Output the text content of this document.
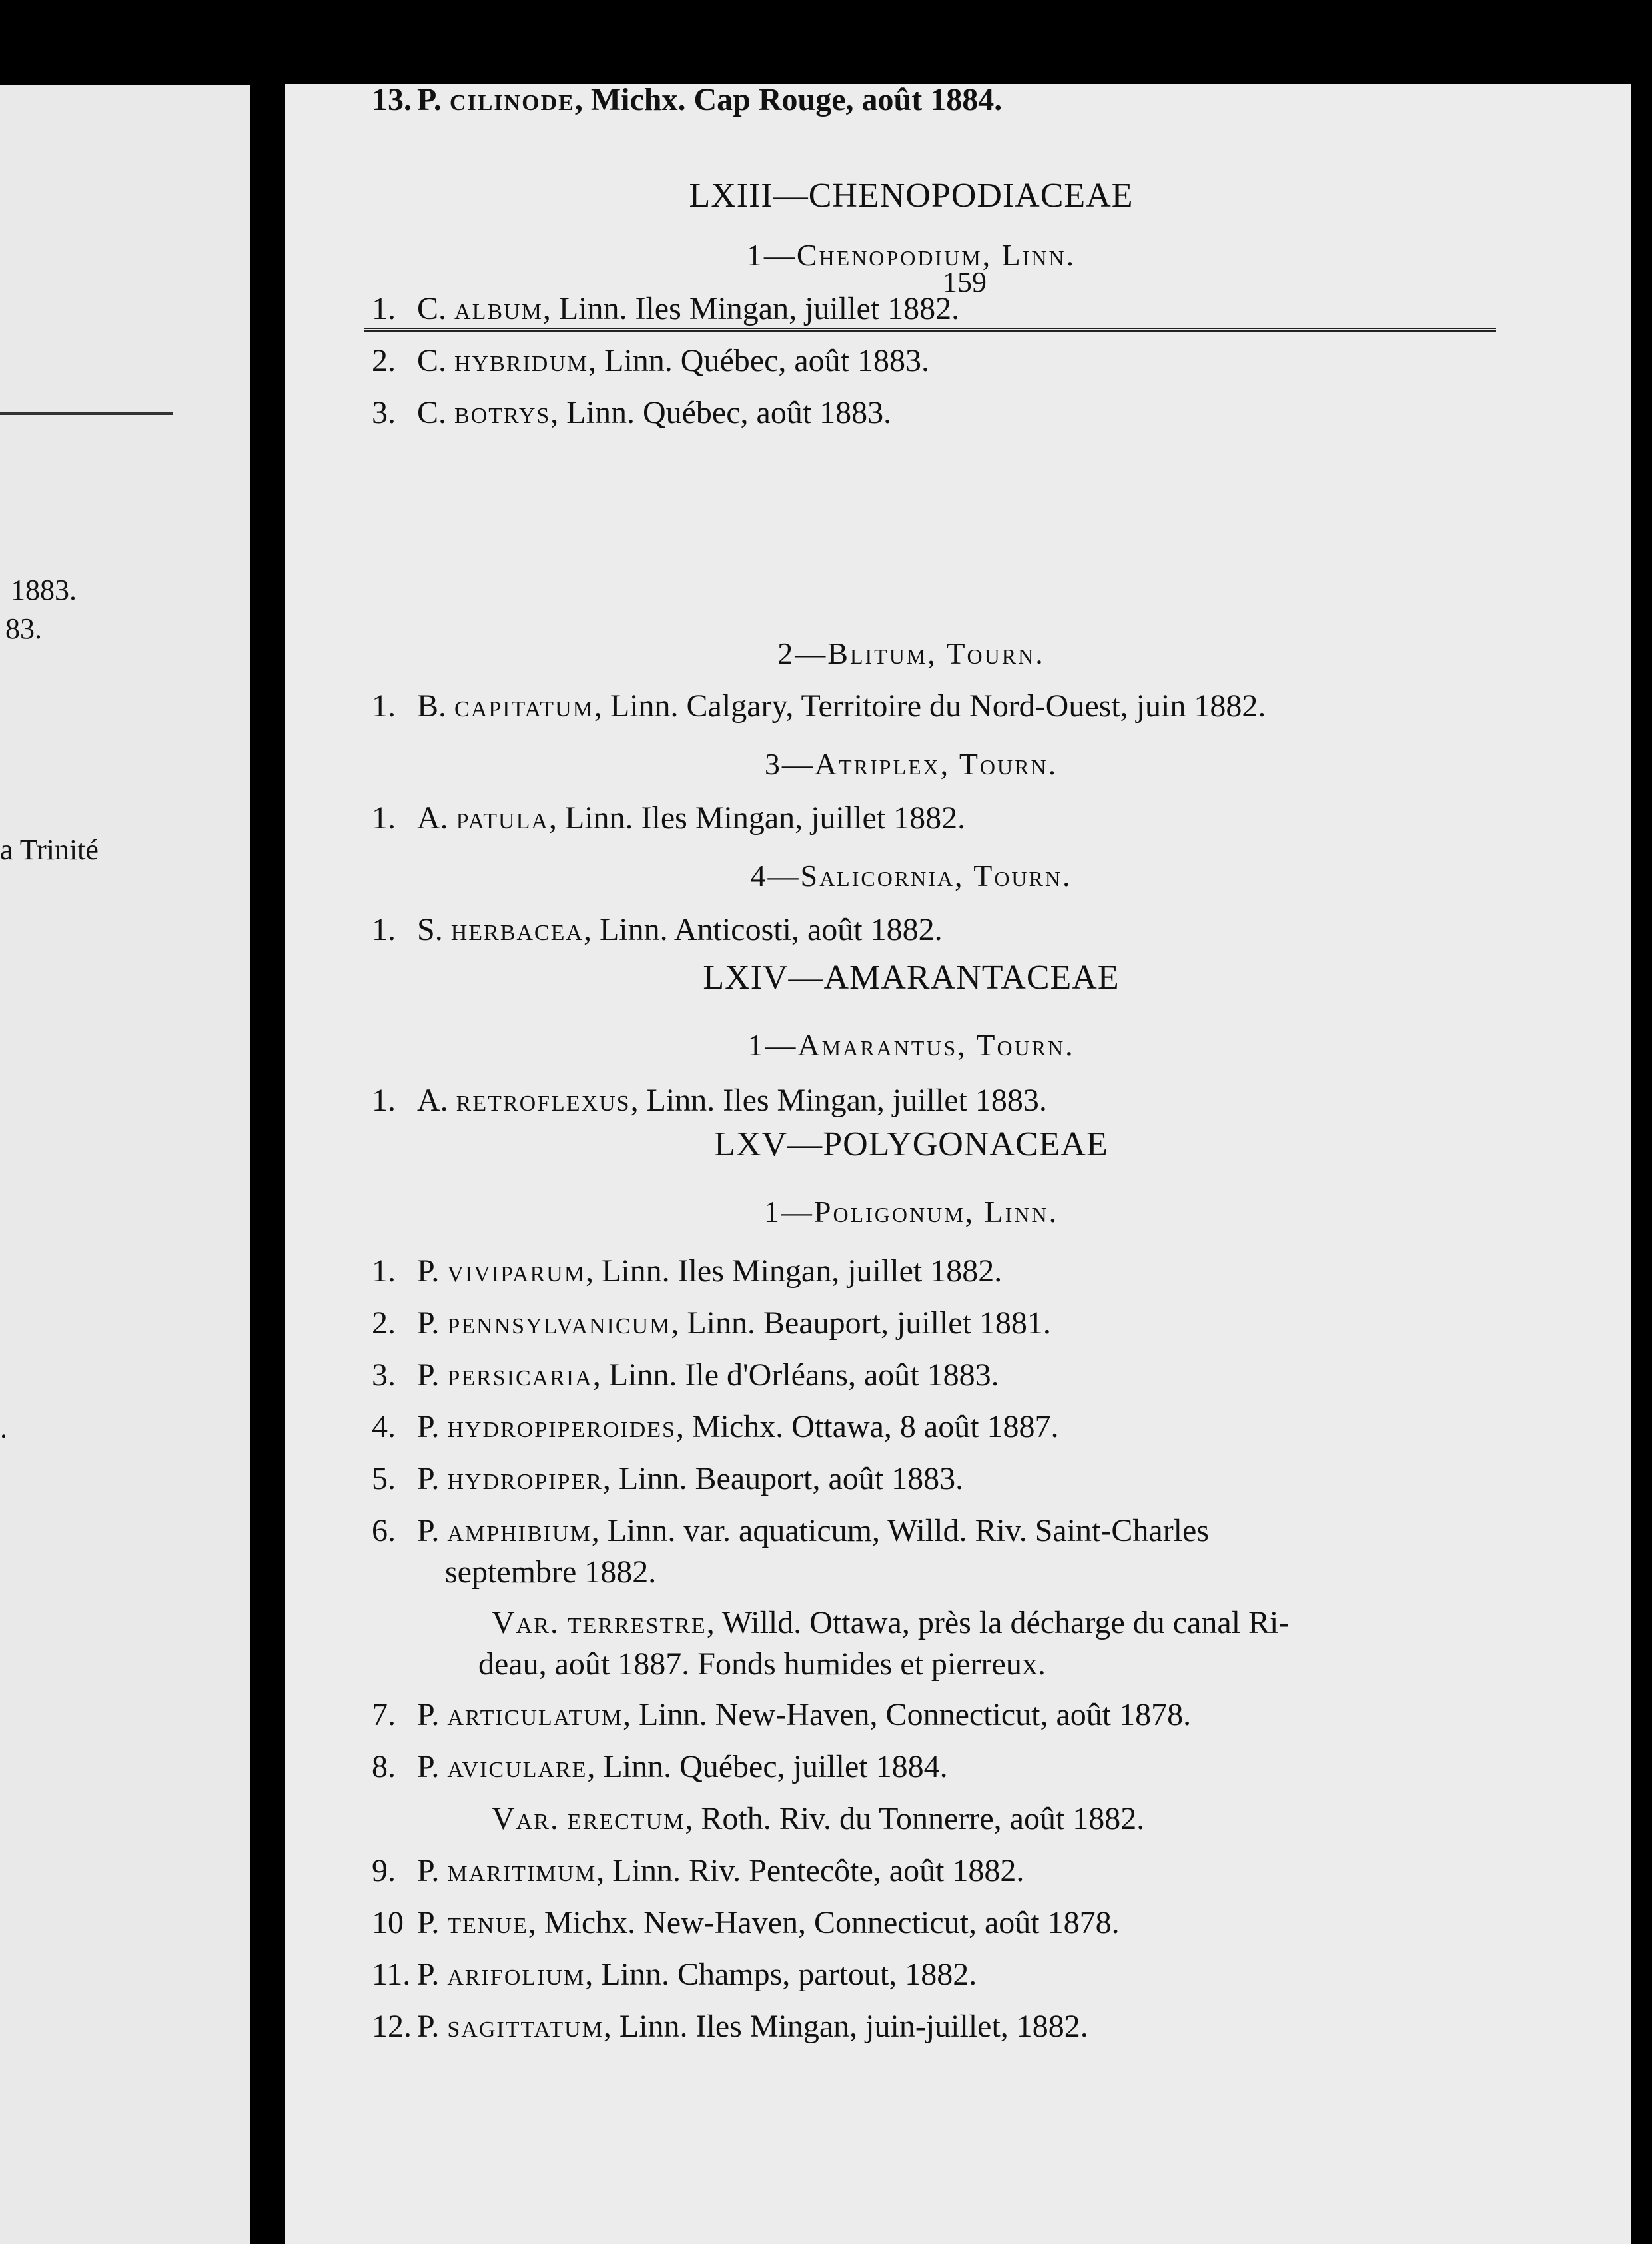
1883.
83.
a Trinité
.
159
LXIII—CHENOPODIACEAE
1—Chenopodium, Linn.
1. C. album, Linn. Iles Mingan, juillet 1882.
2. C. hybridum, Linn. Québec, août 1883.
3. C. botrys, Linn. Québec, août 1883.
2—Blitum, Tourn.
1. B. capitatum, Linn. Calgary, Territoire du Nord-Ouest, juin 1882.
3—Atriplex, Tourn.
1. A. patula, Linn. Iles Mingan, juillet 1882.
4—Salicornia, Tourn.
1. S. herbacea, Linn. Anticosti, août 1882.
LXIV—AMARANTACEAE
1—Amarantus, Tourn.
1. A. retroflexus, Linn. Iles Mingan, juillet 1883.
LXV—POLYGONACEAE
1—Poligonum, Linn.
1. P. viviparum, Linn. Iles Mingan, juillet 1882.
2. P. pennsylvanicum, Linn. Beauport, juillet 1881.
3. P. persicaria, Linn. Ile d'Orléans, août 1883.
4. P. hydropiperoides, Michx. Ottawa, 8 août 1887.
5. P. hydropiper, Linn. Beauport, août 1883.
6. P. amphibium, Linn. var. aquaticum, Willd. Riv. Saint-Charles
septembre 1882.
Var. terrestre, Willd. Ottawa, près la décharge du canal Ri-
deau, août 1887. Fonds humides et pierreux.
7. P. articulatum, Linn. New-Haven, Connecticut, août 1878.
8. P. aviculare, Linn. Québec, juillet 1884.
Var. erectum, Roth. Riv. du Tonnerre, août 1882.
9. P. maritimum, Linn. Riv. Pentecôte, août 1882.
10 P. tenue, Michx. New-Haven, Connecticut, août 1878.
11. P. arifolium, Linn. Champs, partout, 1882.
12. P. sagittatum, Linn. Iles Mingan, juin-juillet, 1882.
13. P. cilinode, Michx. Cap Rouge, août 1884.
